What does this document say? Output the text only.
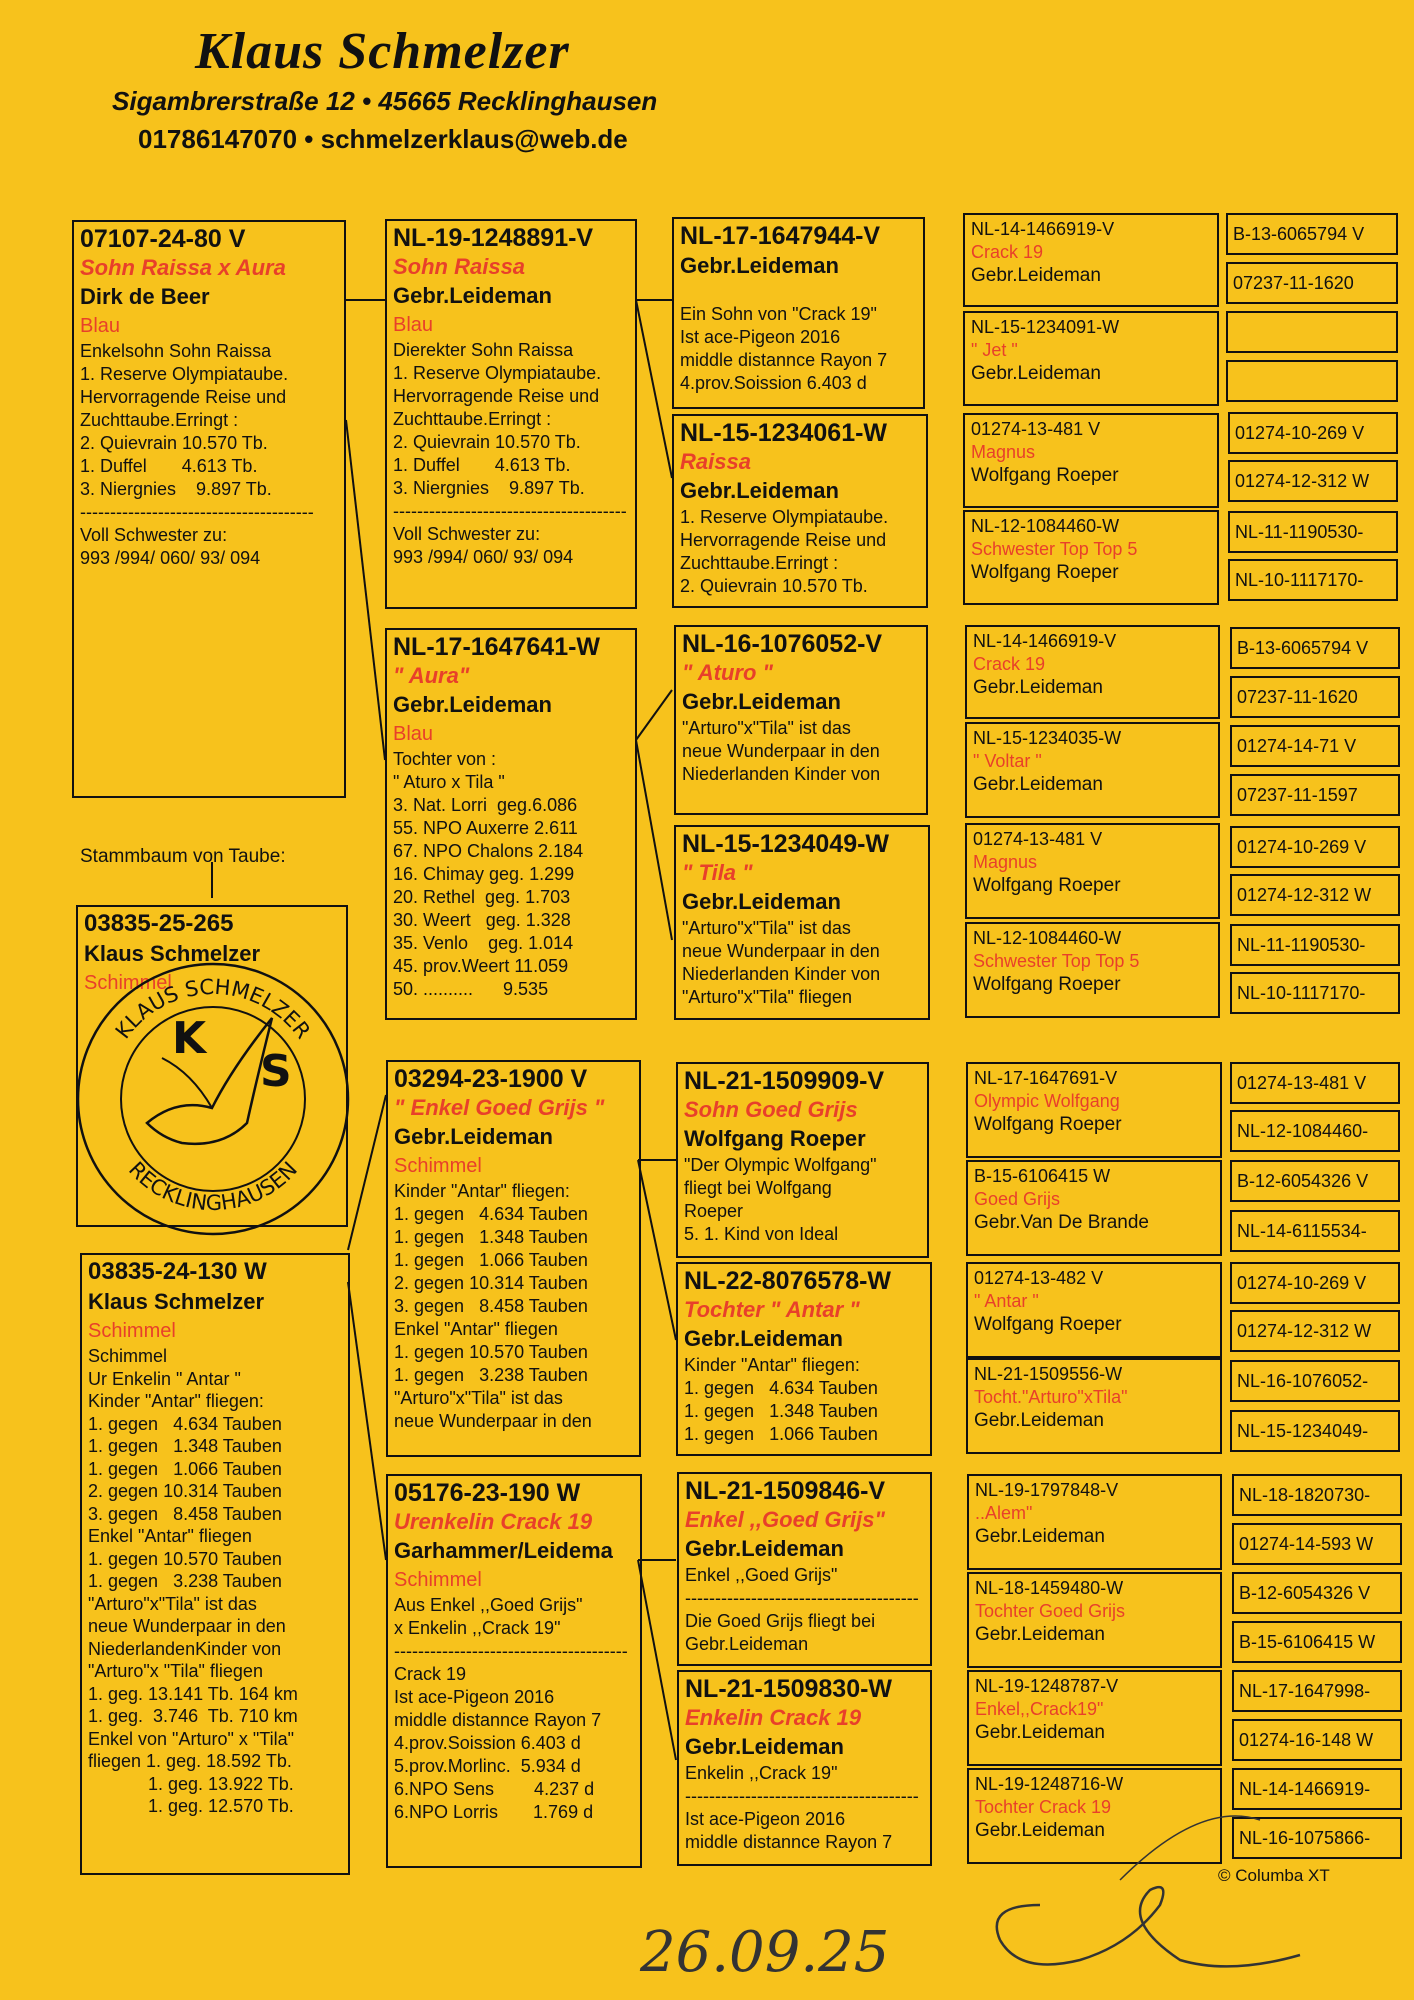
Klaus Schmelzer
Sigambrerstraße 12 • 45665 Recklinghausen
01786147070 • schmelzerklaus@web.de
07107-24-80 V
Sohn Raissa x Aura
Dirk de Beer
Blau
Enkelsohn Sohn Raissa
1. Reserve Olympiataube.
Hervorragende Reise und
Zuchttaube.Erringt :
2. Quievrain 10.570 Tb.
1. Duffel       4.613 Tb.
3. Niergnies    9.897 Tb.
---------------------------------------
Voll Schwester zu:
993 /994/ 060/ 93/ 094
Stammbaum von Taube:
03835-25-265
Klaus Schmelzer
Schimmel
KLAUS SCHMELZER
RECKLINGHAUSEN
K
S
03835-24-130 W
Klaus Schmelzer
Schimmel
Schimmel
Ur Enkelin " Antar "
Kinder "Antar" fliegen:
1. gegen   4.634 Tauben
1. gegen   1.348 Tauben
1. gegen   1.066 Tauben
2. gegen 10.314 Tauben
3. gegen   8.458 Tauben
Enkel "Antar" fliegen
1. gegen 10.570 Tauben
1. gegen   3.238 Tauben
"Arturo"x"Tila" ist das
neue Wunderpaar in den
NiederlandenKinder von
"Arturo"x "Tila" fliegen
1. geg. 13.141 Tb. 164 km
1. geg.  3.746  Tb. 710 km
Enkel von "Arturo" x "Tila"
fliegen 1. geg. 18.592 Tb.
1. geg. 13.922 Tb.
1. geg. 12.570 Tb.
NL-19-1248891-V
Sohn Raissa
Gebr.Leideman
Blau
Dierekter Sohn Raissa
1. Reserve Olympiataube.
Hervorragende Reise und
Zuchttaube.Erringt :
2. Quievrain 10.570 Tb.
1. Duffel       4.613 Tb.
3. Niergnies    9.897 Tb.
---------------------------------------
Voll Schwester zu:
993 /994/ 060/ 93/ 094
NL-17-1647641-W
" Aura"
Gebr.Leideman
Blau
Tochter von :
" Aturo x Tila "
3. Nat. Lorri  geg.6.086
55. NPO Auxerre 2.611
67. NPO Chalons 2.184
16. Chimay geg. 1.299
20. Rethel  geg. 1.703
30. Weert   geg. 1.328
35. Venlo    geg. 1.014
45. prov.Weert 11.059
50. ..........      9.535
03294-23-1900 V
" Enkel Goed Grijs "
Gebr.Leideman
Schimmel
Kinder "Antar" fliegen:
1. gegen   4.634 Tauben
1. gegen   1.348 Tauben
1. gegen   1.066 Tauben
2. gegen 10.314 Tauben
3. gegen   8.458 Tauben
Enkel "Antar" fliegen
1. gegen 10.570 Tauben
1. gegen   3.238 Tauben
"Arturo"x"Tila" ist das
neue Wunderpaar in den
05176-23-190 W
Urenkelin Crack 19
Garhammer/Leidema
Schimmel
Aus Enkel ,,Goed Grijs"
x Enkelin ,,Crack 19"
---------------------------------------
Crack 19
Ist ace-Pigeon 2016
middle distannce Rayon 7
4.prov.Soission 6.403 d
5.prov.Morlinc.  5.934 d
6.NPO Sens        4.237 d
6.NPO Lorris       1.769 d
NL-17-1647944-V
Gebr.Leideman
Ein Sohn von "Crack 19"
Ist ace-Pigeon 2016
middle distannce Rayon 7
4.prov.Soission 6.403 d
NL-15-1234061-W
Raissa
Gebr.Leideman
1. Reserve Olympiataube.
Hervorragende Reise und
Zuchttaube.Erringt :
2. Quievrain 10.570 Tb.
NL-16-1076052-V
" Aturo "
Gebr.Leideman
"Arturo"x"Tila" ist das
neue Wunderpaar in den
Niederlanden Kinder von
NL-15-1234049-W
" Tila "
Gebr.Leideman
"Arturo"x"Tila" ist das
neue Wunderpaar in den
Niederlanden Kinder von
"Arturo"x"Tila" fliegen
NL-21-1509909-V
Sohn Goed Grijs
Wolfgang Roeper
"Der Olympic Wolfgang"
fliegt bei Wolfgang
Roeper
5. 1. Kind von Ideal
NL-22-8076578-W
Tochter " Antar "
Gebr.Leideman
Kinder "Antar" fliegen:
1. gegen   4.634 Tauben
1. gegen   1.348 Tauben
1. gegen   1.066 Tauben
NL-21-1509846-V
Enkel ,,Goed Grijs"
Gebr.Leideman
Enkel ,,Goed Grijs"
---------------------------------------
Die Goed Grijs fliegt bei
Gebr.Leideman
NL-21-1509830-W
Enkelin Crack 19
Gebr.Leideman
Enkelin ,,Crack 19"
---------------------------------------
Ist ace-Pigeon 2016
middle distannce Rayon 7
NL-14-1466919-V
Crack 19
Gebr.Leideman
NL-15-1234091-W
" Jet "
Gebr.Leideman
01274-13-481 V
Magnus
Wolfgang Roeper
NL-12-1084460-W
Schwester Top Top 5
Wolfgang Roeper
NL-14-1466919-V
Crack 19
Gebr.Leideman
NL-15-1234035-W
" Voltar "
Gebr.Leideman
01274-13-481 V
Magnus
Wolfgang Roeper
NL-12-1084460-W
Schwester Top Top 5
Wolfgang Roeper
NL-17-1647691-V
Olympic Wolfgang
Wolfgang Roeper
B-15-6106415 W
Goed Grijs
Gebr.Van De Brande
01274-13-482 V
" Antar "
Wolfgang Roeper
NL-21-1509556-W
Tocht."Arturo"xTila"
Gebr.Leideman
NL-19-1797848-V
..Alem"
Gebr.Leideman
NL-18-1459480-W
Tochter Goed Grijs
Gebr.Leideman
NL-19-1248787-V
Enkel,,Crack19"
Gebr.Leideman
NL-19-1248716-W
Tochter Crack 19
Gebr.Leideman
B-13-6065794 V
07237-11-1620
01274-10-269 V
01274-12-312 W
NL-11-1190530-
NL-10-1117170-
B-13-6065794 V
07237-11-1620
01274-14-71 V
07237-11-1597
01274-10-269 V
01274-12-312 W
NL-11-1190530-
NL-10-1117170-
01274-13-481 V
NL-12-1084460-
B-12-6054326 V
NL-14-6115534-
01274-10-269 V
01274-12-312 W
NL-16-1076052-
NL-15-1234049-
NL-18-1820730-
01274-14-593 W
B-12-6054326 V
B-15-6106415 W
NL-17-1647998-
01274-16-148 W
NL-14-1466919-
NL-16-1075866-
© Columba XT
26.09.25
